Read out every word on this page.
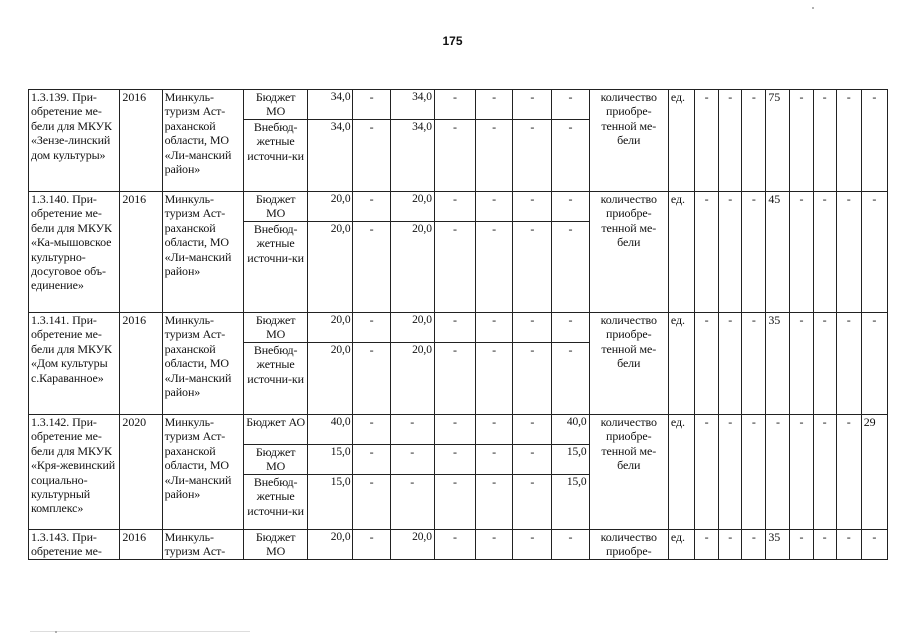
175
1.3.139. При-обретение ме-бели для МКУК «Зензе-линский дом культуры»	2016	Минкуль-туризм Аст-раханской области, МО «Ли-манский район»	Бюджет МО	34,0	-	34,0	-	-	-	-	количество приобре-тенной ме-бели	ед.	-	-	-	75	-	-	-	-
			Внебюд-жетные источни-ки	34,0	-	34,0	-	-	-	-										
1.3.140. При-обретение ме-бели для МКУК «Ка-мышовское культурно-досуговое объ-единение»	2016	Минкуль-туризм Аст-раханской области, МО «Ли-манский район»	Бюджет МО	20,0	-	20,0	-	-	-	-	количество приобре-тенной ме-бели	ед.	-	-	-	45	-	-	-	-
			Внебюд-жетные источни-ки	20,0	-	20,0	-	-	-	-										
1.3.141. При-обретение ме-бели для МКУК «Дом культуры с.Караванное»	2016	Минкуль-туризм Аст-раханской области, МО «Ли-манский район»	Бюджет МО	20,0	-	20,0	-	-	-	-	количество приобре-тенной ме-бели	ед.	-	-	-	35	-	-	-	-
			Внебюд-жетные источни-ки	20,0	-	20,0	-	-	-	-										
1.3.142. При-обретение ме-бели для МКУК «Кря-жевинский социально-культурный комплекс»	2020	Минкуль-туризм Аст-раханской области, МО «Ли-манский район»	Бюджет АО	40,0	-	-	-	-	-	40,0	количество приобре-тенной ме-бели	ед.	-	-	-	-	-	-	-	29
			Бюджет МО	15,0	-	-	-	-	-	15,0										
			Внебюд-жетные источни-ки	15,0	-	-	-	-	-	15,0										
1.3.143. При-обретение ме-	2016	Минкуль-туризм Аст-	Бюджет МО	20,0	-	20,0	-	-	-	-	количество приобре-	ед.	-	-	-	35	-	-	-	-
